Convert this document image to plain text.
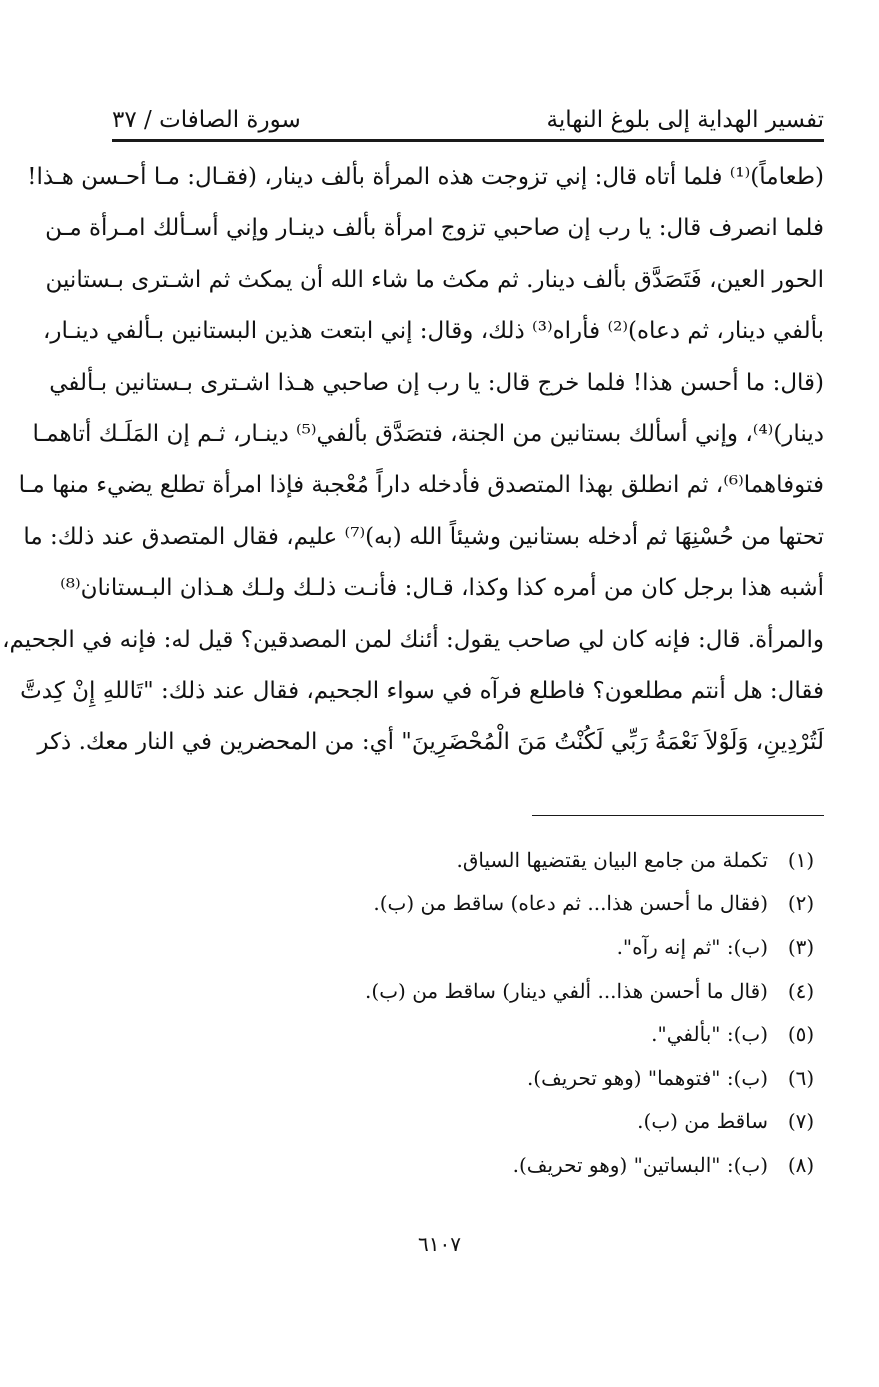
تفسير الهداية إلى بلوغ النهاية
سورة الصافات / ٣٧

(طعاماً)⁽¹⁾ فلما أتاه قال: إني تزوجت هذه المرأة بألف دينار، (فقـال: مـا أحـسن هـذا!

فلما انصرف قال: يا رب إن صاحبي تزوج امرأة بألف دينـار وإني أسـألك امـرأة مـن

الحور العين، فَتَصَدَّق بألف دينار. ثم مكث ما شاء الله أن يمكث ثم اشـترى بـستانين

بألفي دينار، ثم دعاه)⁽²⁾ فأراه⁽³⁾ ذلك، وقال: إني ابتعت هذين البستانين بـألفي دينـار،

(قال: ما أحسن هذا! فلما خرج قال: يا رب إن صاحبي هـذا اشـترى بـستانين بـألفي

دينار)⁽⁴⁾، وإني أسألك بستانين من الجنة، فتصَدَّق بألفي⁽⁵⁾ دينـار، ثـم إن المَلَـك أتاهمـا

فتوفاهما⁽⁶⁾، ثم انطلق بهذا المتصدق فأدخله داراً مُعْجبة فإذا امرأة تطلع يضيء منها مـا

تحتها من حُسْنِهَا ثم أدخله بستانين وشيئاً الله (به)⁽⁷⁾ عليم، فقال المتصدق عند ذلك: ما

أشبه هذا برجل كان من أمره كذا وكذا، قـال: فأنـت ذلـك ولـك هـذان البـستانان⁽⁸⁾

والمرأة. قال: فإنه كان لي صاحب يقول: أئنك لمن المصدقين؟ قيل له: فإنه في الجحيم،

فقال: هل أنتم مطلعون؟ فاطلع فرآه في سواء الجحيم، فقال عند ذلك: "تَاللهِ إِنْ كِدتَّ

لَتُرْدِينِ، وَلَوْلاَ نَعْمَةُ رَبِّي لَكُنْتُ مَنَ الْمُحْضَرِينَ" أي: من المحضرين في النار معك. ذكر

(١)
تكملة من جامع البيان يقتضيها السياق.
(٢)
(فقال ما أحسن هذا... ثم دعاه) ساقط من (ب).
(٣)
(ب): "ثم إنه رآه".
(٤)
(قال ما أحسن هذا... ألفي دينار) ساقط من (ب).
(٥)
(ب): "بألفي".
(٦)
(ب): "فتوهما" (وهو تحريف).
(٧)
ساقط من (ب).
(٨)
(ب): "البساتين" (وهو تحريف).
٦١٠٧
